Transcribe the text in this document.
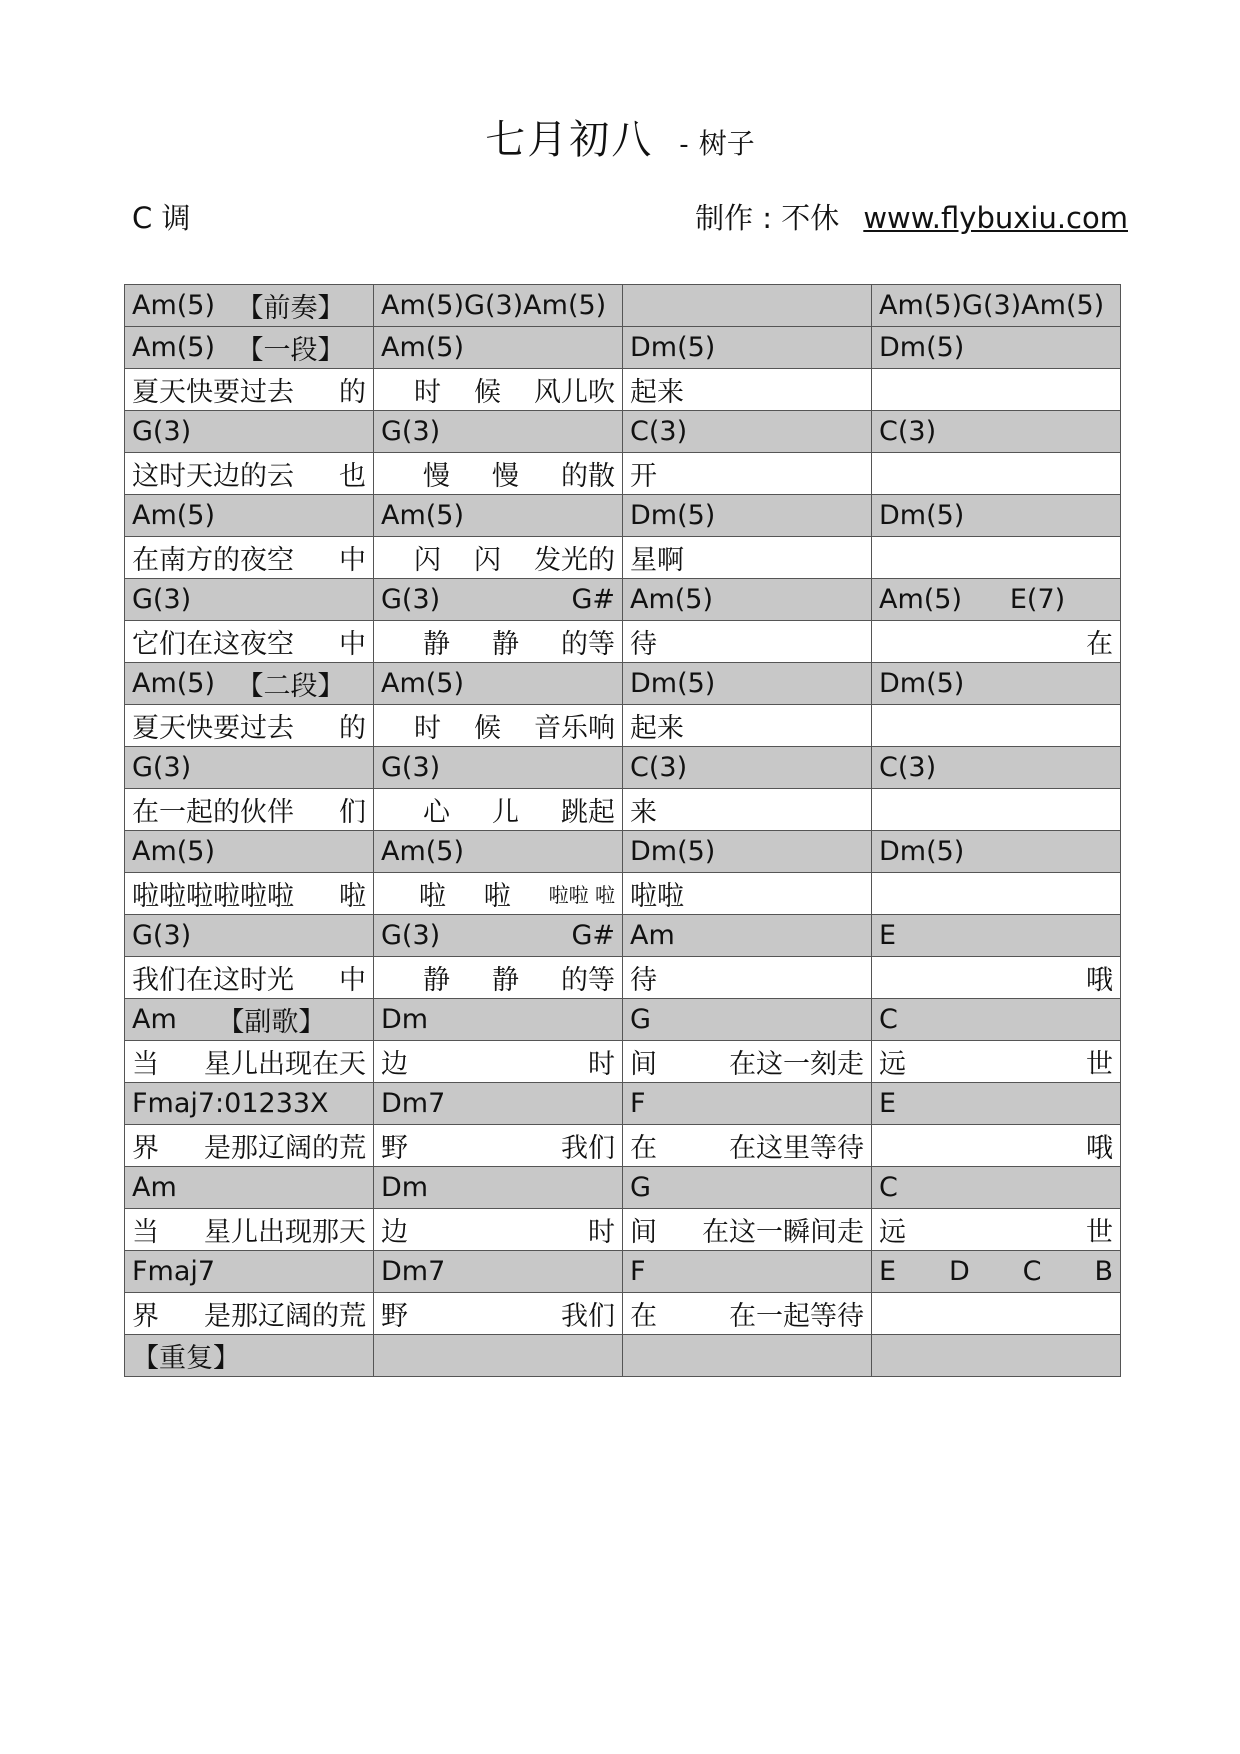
七月初八 - 树子
C 调	制作 : 不休 www.flybuxiu.com
Am(5) 【前奏】	Am(5)G(3)Am(5)		Am(5)G(3)Am(5)

Am(5) 【一段】	Am(5)	Dm(5)	Dm(5)

夏天快要过去 的	时 候 风儿吹	起来	

G(3)	G(3)	C(3)	C(3)

这时天边的云 也	慢 慢 的散	开	

Am(5)	Am(5)	Dm(5)	Dm(5)

在南方的夜空 中	闪 闪 发光的	星啊	

G(3)	G(3) G#	Am(5)	Am(5) E(7)

它们在这夜空 中	静 静 的等	待	在

Am(5) 【二段】	Am(5)	Dm(5)	Dm(5)

夏天快要过去 的	时 候 音乐响	起来	

G(3)	G(3)	C(3)	C(3)

在一起的伙伴 们	心 儿 跳起	来	

Am(5)	Am(5)	Dm(5)	Dm(5)

啦啦啦啦啦啦 啦	啦 啦 啦啦 啦	啦啦	

G(3)	G(3) G#	Am	E

我们在这时光 中	静 静 的等	待	哦

Am 【副歌】	Dm	G	C

当 星儿出现在天	边 时	间 在这一刻走	远 世

Fmaj7:01233X	Dm7	F	E

界 是那辽阔的荒	野 我们	在 在这里等待	哦

Am	Dm	G	C

当 星儿出现那天	边 时	间 在这一瞬间走	远 世

Fmaj7	Dm7	F	E D C B

界 是那辽阔的荒	野 我们	在 在一起等待	

【重复】			
